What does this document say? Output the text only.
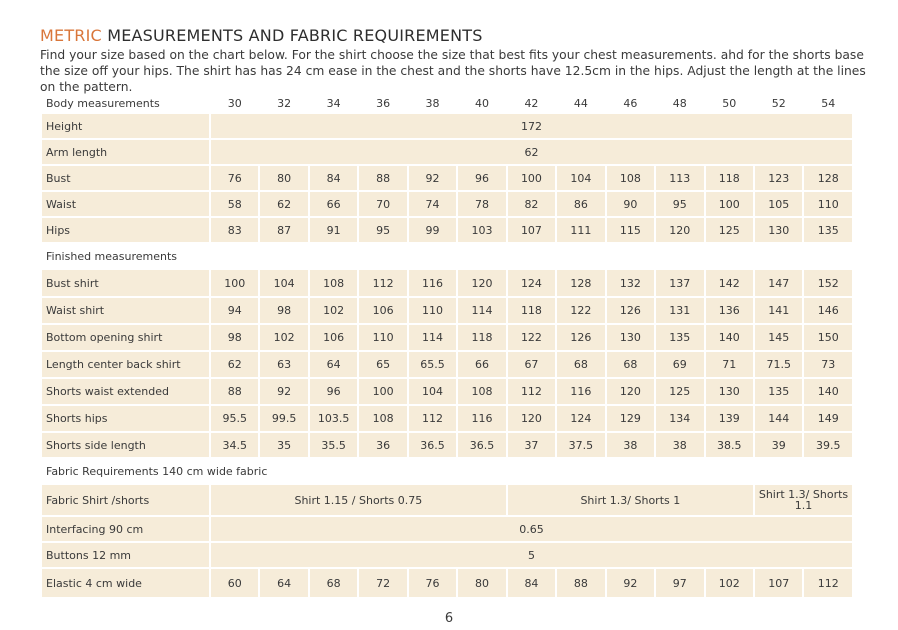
METRIC MEASUREMENTS AND FABRIC REQUIREMENTS
Find your size based on the chart below. For the shirt choose the size that best fits your chest measurements. ahd for the shorts base the size off your hips. The shirt has has 24 cm ease in the chest and the shorts have 12.5cm in the hips. Adjust the length at the lines on the pattern.
Body measurements	30	32	34	36	38	40	42	44	46	48	50	52	54
Height	172												
Arm length	62												
Bust	76	80	84	88	92	96	100	104	108	113	118	123	128
Waist	58	62	66	70	74	78	82	86	90	95	100	105	110
Hips	83	87	91	95	99	103	107	111	115	120	125	130	135
Finished measurements													
Bust shirt	100	104	108	112	116	120	124	128	132	137	142	147	152
Waist shirt	94	98	102	106	110	114	118	122	126	131	136	141	146
Bottom opening shirt	98	102	106	110	114	118	122	126	130	135	140	145	150
Length center back shirt	62	63	64	65	65.5	66	67	68	68	69	71	71.5	73
Shorts waist extended	88	92	96	100	104	108	112	116	120	125	130	135	140
Shorts hips	95.5	99.5	103.5	108	112	116	120	124	129	134	139	144	149
Shorts side length	34.5	35	35.5	36	36.5	36.5	37	37.5	38	38	38.5	39	39.5
Fabric Requirements 140 cm wide fabric													
Fabric Shirt /shorts	Shirt 1.15 / Shorts 0.75						Shirt 1.3/ Shorts 1					Shirt 1.3/ Shorts 1.1	
Interfacing 90 cm	0.65												
Buttons 12 mm	5												
Elastic 4 cm wide	60	64	68	72	76	80	84	88	92	97	102	107	112
6
